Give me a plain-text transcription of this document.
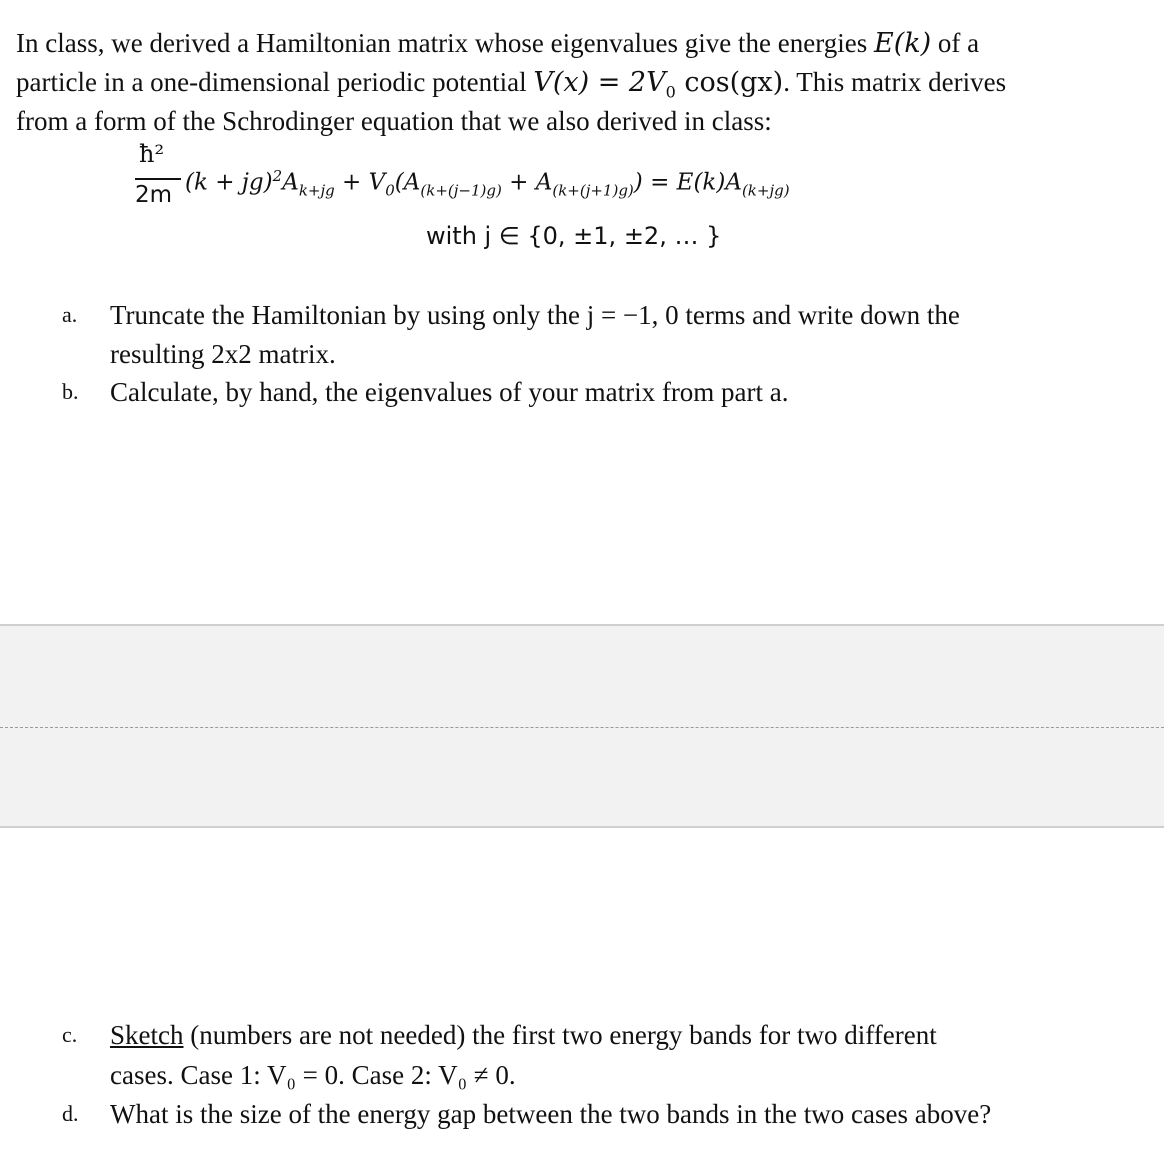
In class, we derived a Hamiltonian matrix whose eigenvalues give the energies E(k) of a
particle in a one-dimensional periodic potential $V(x) = 2V_0$ cos(gx). This matrix derives
from a form of the Schrodinger equation that we also derived in class:
ħ²
2m $(k + jg)^2A_{k+jg} + V_0(A_{(k+(j-1)g)} + A_{(k+(j+1)g)}) = E(k)A_{(k+jg)}$
with j ∈ {0, ±1, ±2, … }
a. Truncate the Hamiltonian by using only the j = −1, 0 terms and write down the
resulting 2x2 matrix.
b. Calculate, by hand, the eigenvalues of your matrix from part a.
c. Sketch (numbers are not needed) the first two energy bands for two different
cases. Case 1: V₀ = 0. Case 2: V₀ ≠ 0.
d. What is the size of the energy gap between the two bands in the two cases above?
